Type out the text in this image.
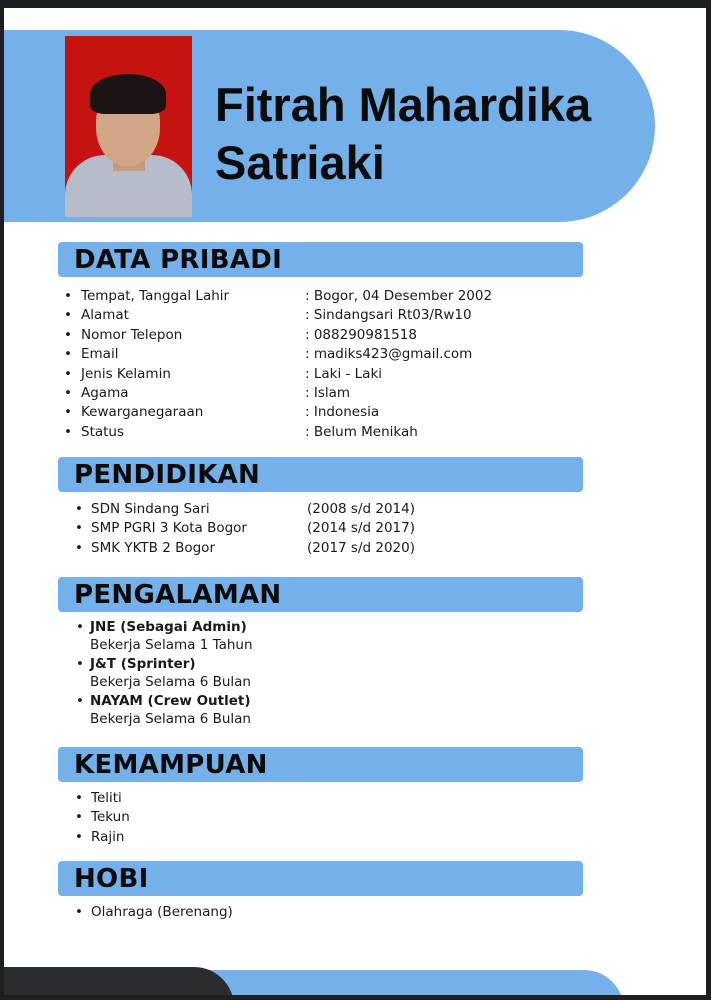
Fitrah Mahardika
Satriaki
DATA PRIBADI
• Tempat, Tanggal Lahir	: Bogor, 04 Desember 2002
• Alamat	: Sindangsari Rt03/Rw10
• Nomor Telepon	: 088290981518
• Email	: madiks423@gmail.com
• Jenis Kelamin	: Laki - Laki
• Agama	: Islam
• Kewarganegaraan	: Indonesia
• Status	: Belum Menikah
PENDIDIKAN
• SDN Sindang Sari	(2008 s/d 2014)
• SMP PGRI 3 Kota Bogor	(2014 s/d 2017)
• SMK YKTB 2 Bogor	(2017 s/d 2020)
PENGALAMAN
• JNE (Sebagai Admin)
Bekerja Selama 1 Tahun
• J&T (Sprinter)
Bekerja Selama 6 Bulan
• NAYAM (Crew Outlet)
Bekerja Selama 6 Bulan
KEMAMPUAN
• Teliti
• Tekun
• Rajin
HOBI
• Olahraga (Berenang)
